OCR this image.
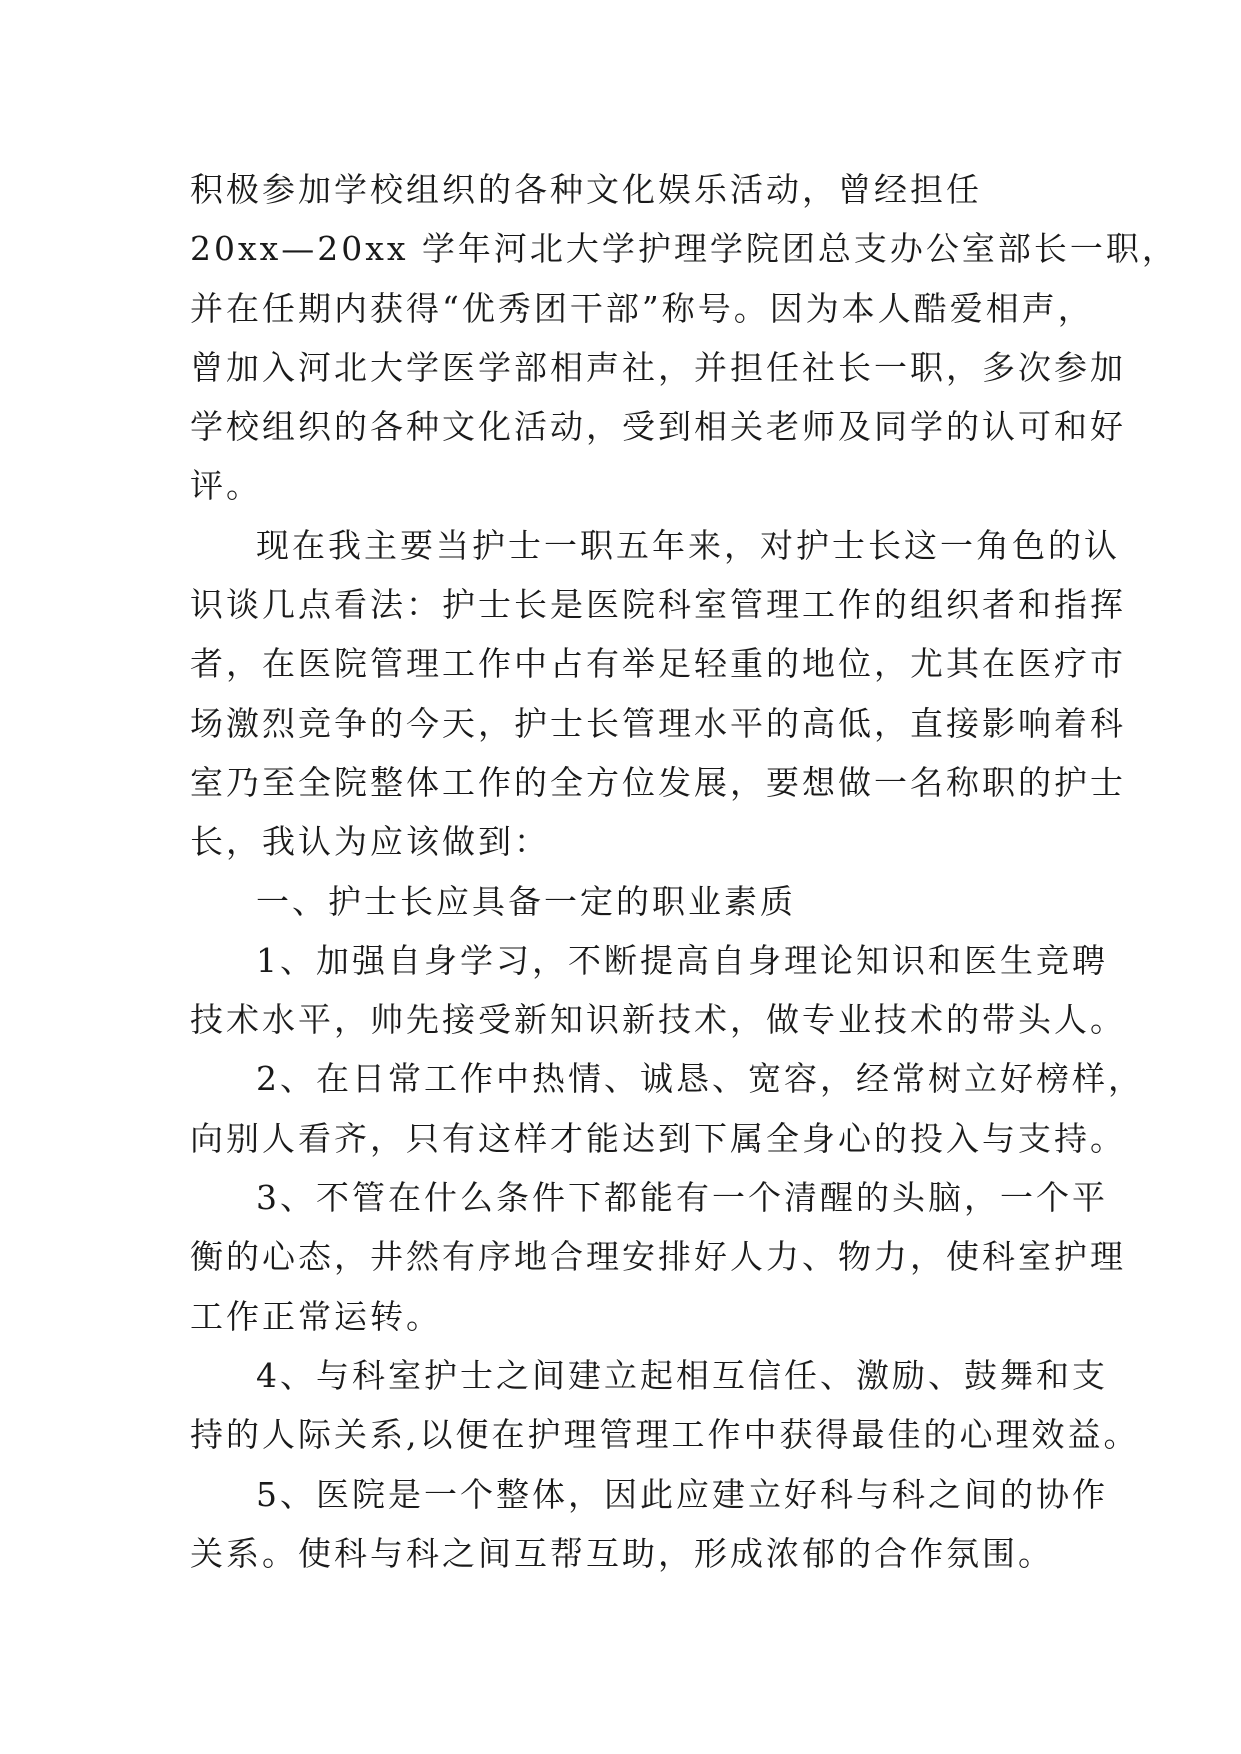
积极参加学校组织的各种文化娱乐活动，曾经担任
20xx—20xx 学年河北大学护理学院团总支办公室部长一职，
并在任期内获得“优秀团干部”称号。因为本人酷爱相声，
曾加入河北大学医学部相声社，并担任社长一职，多次参加
学校组织的各种文化活动，受到相关老师及同学的认可和好
评。
现在我主要当护士一职五年来，对护士长这一角色的认
识谈几点看法：护士长是医院科室管理工作的组织者和指挥
者，在医院管理工作中占有举足轻重的地位，尤其在医疗市
场激烈竞争的今天，护士长管理水平的高低，直接影响着科
室乃至全院整体工作的全方位发展，要想做一名称职的护士
长，我认为应该做到：
一、护士长应具备一定的职业素质
1、加强自身学习，不断提高自身理论知识和医生竞聘
技术水平，帅先接受新知识新技术，做专业技术的带头人。
2、在日常工作中热情、诚恳、宽容，经常树立好榜样，
向别人看齐，只有这样才能达到下属全身心的投入与支持。
3、不管在什么条件下都能有一个清醒的头脑，一个平
衡的心态，井然有序地合理安排好人力、物力，使科室护理
工作正常运转。
4、与科室护士之间建立起相互信任、激励、鼓舞和支
持的人际关系,以便在护理管理工作中获得最佳的心理效益。
5、医院是一个整体，因此应建立好科与科之间的协作
关系。使科与科之间互帮互助，形成浓郁的合作氛围。
